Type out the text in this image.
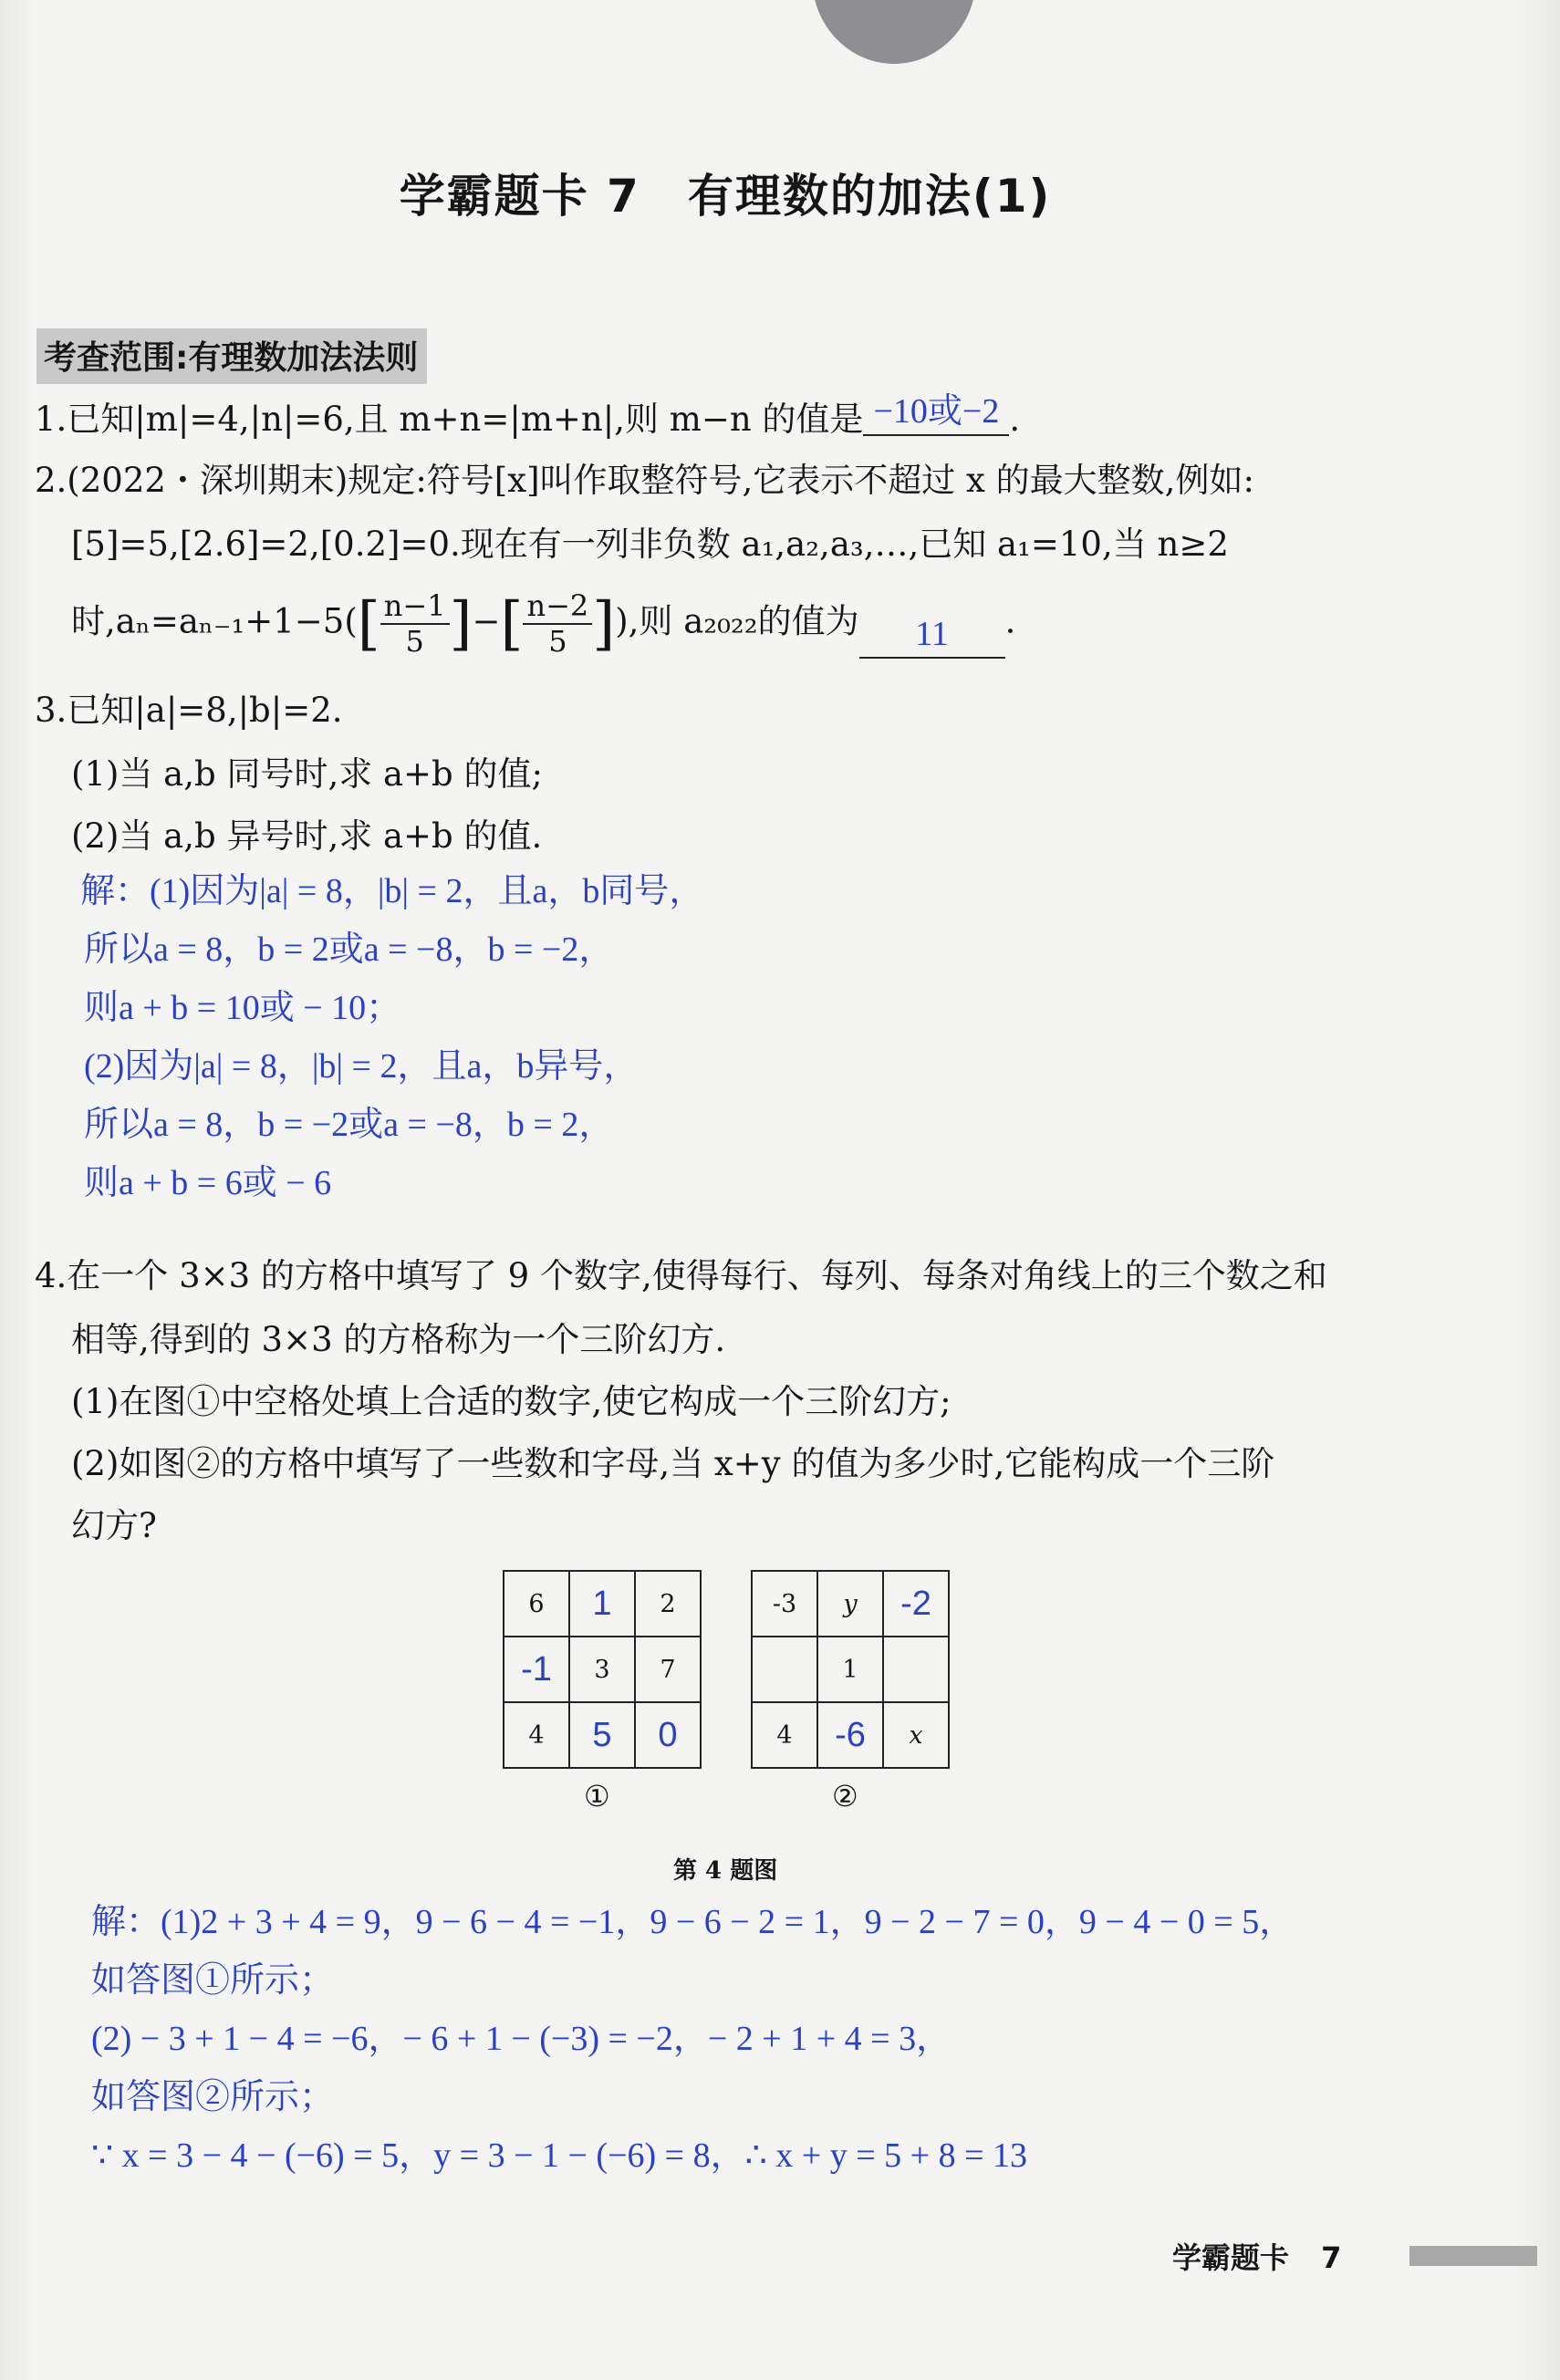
学霸题卡 7　有理数的加法(1)
考查范围:有理数加法法则
1.已知|m|=4,|n|=6,且 m+n=|m+n|,则 m−n 的值是 −10或−2 .
2.(2022・深圳期末)规定:符号[x]叫作取整符号,它表示不超过 x 的最大整数,例如:
[5]=5,[2.6]=2,[0.2]=0.现在有一列非负数 a₁,a₂,a₃,…,已知 a₁=10,当 n≥2
时$,a_n=a_{n-1}+1-5([ \frac{n-1}{5}$ ]−[ $\frac{n-2}{5}$ ]),则 a₂₀₂₂的值为 11 .
3.已知|a|=8,|b|=2.
(1)当 a,b 同号时,求 a+b 的值;
(2)当 a,b 异号时,求 a+b 的值.
解：(1)因为|a| = 8，|b| = 2，且a，b同号，
所以a = 8，b = 2或a = −8，b = −2，
则a + b = 10或 − 10；
(2)因为|a| = 8，|b| = 2，且a，b异号，
所以a = 8，b = −2或a = −8，b = 2，
则a + b = 6或 − 6
4.在一个 3×3 的方格中填写了 9 个数字,使得每行、每列、每条对角线上的三个数之和
相等,得到的 3×3 的方格称为一个三阶幻方.
(1)在图①中空格处填上合适的数字,使它构成一个三阶幻方;
(2)如图②的方格中填写了一些数和字母,当 x+y 的值为多少时,它能构成一个三阶
幻方?
6	1	2
-1	3	7
4	5	0
-3	y	-2
	1	
4	-6	x
①	②
第 4 题图
解：(1)2 + 3 + 4 = 9，9 − 6 − 4 = −1，9 − 6 − 2 = 1，9 − 2 − 7 = 0，9 − 4 − 0 = 5，
如答图①所示；
(2) − 3 + 1 − 4 = −6，− 6 + 1 − (−3) = −2，− 2 + 1 + 4 = 3，
如答图②所示；
∵ x = 3 − 4 − (−6) = 5，y = 3 − 1 − (−6) = 8，∴ x + y = 5 + 8 = 13
学霸题卡 7
